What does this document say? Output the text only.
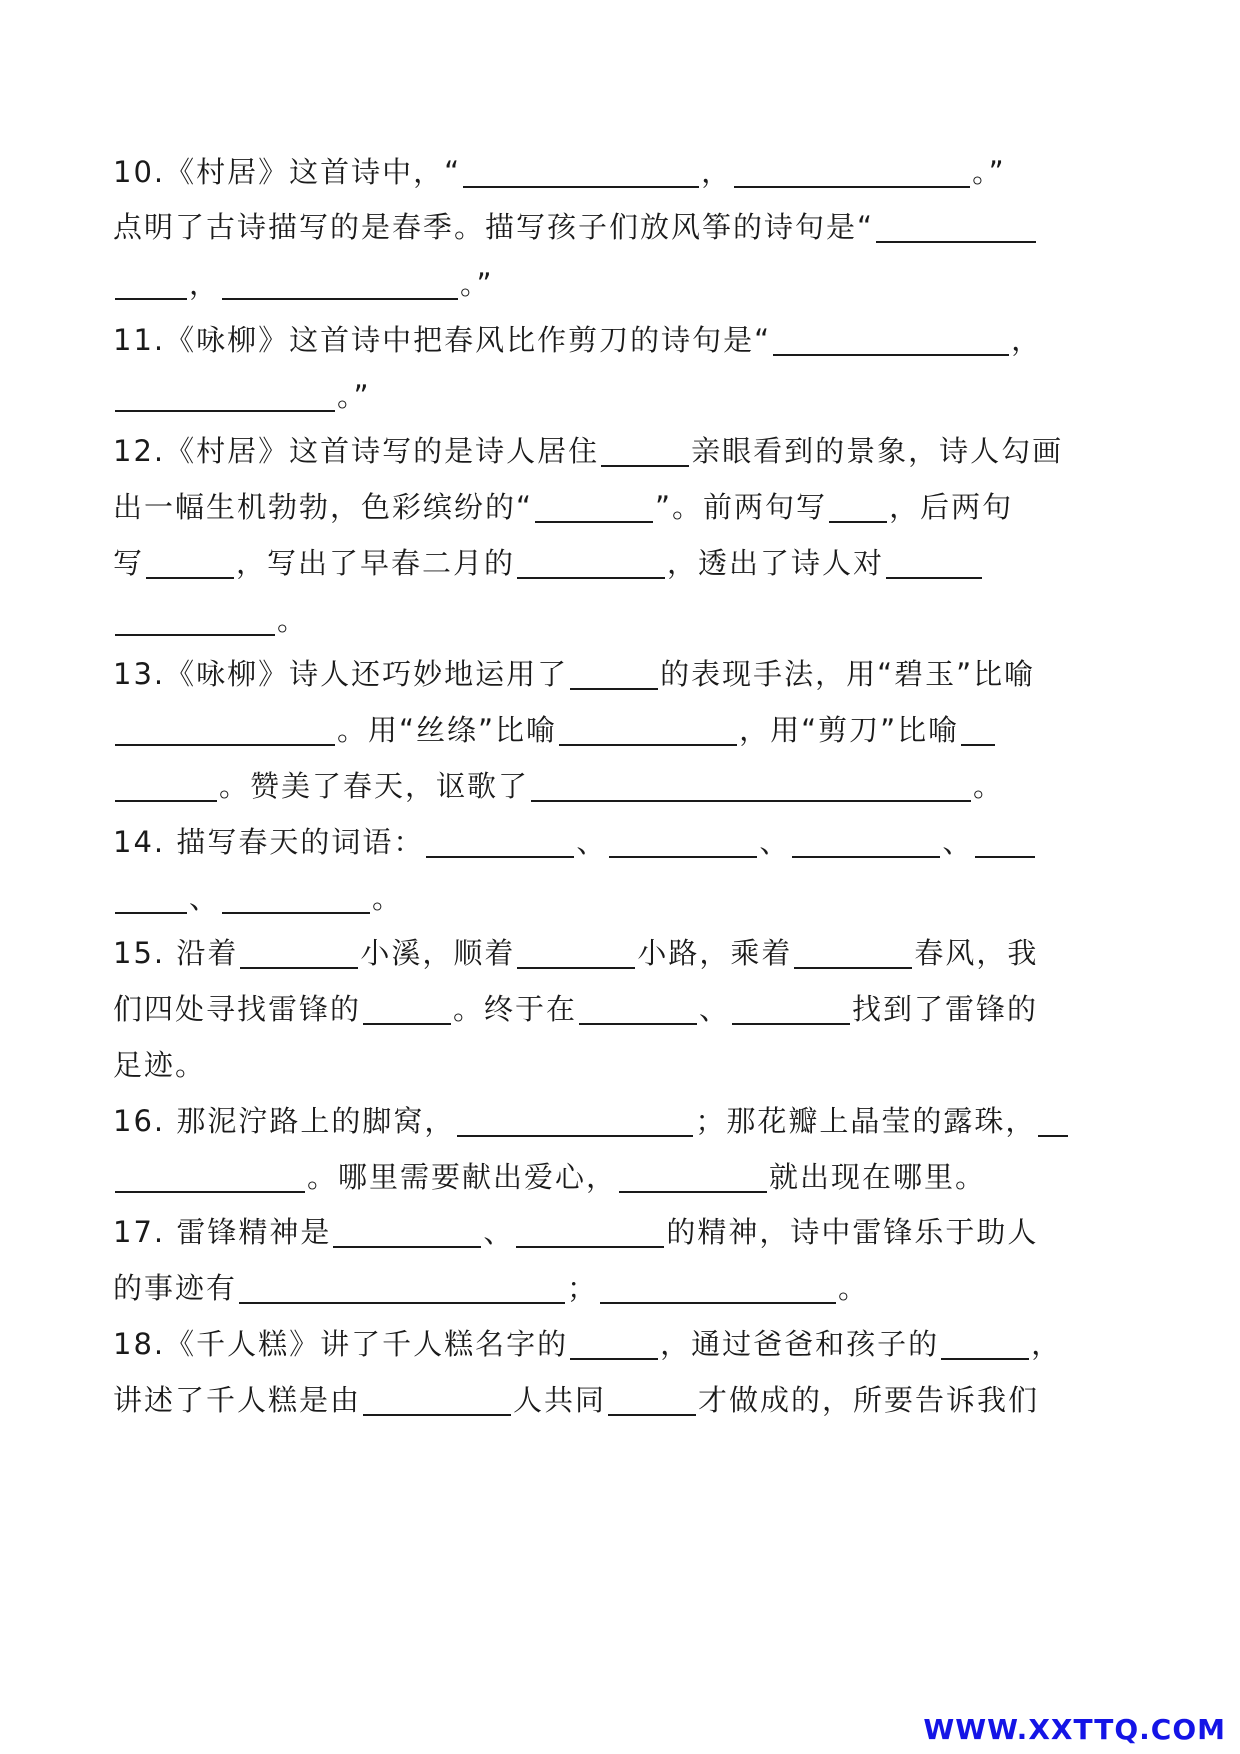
10.《村居》这首诗中，“	，	。”
点明了古诗描写的是春季。描写孩子们放风筝的诗句是“
，	。”
11.《咏柳》这首诗中把春风比作剪刀的诗句是“	，
。”
12.《村居》这首诗写的是诗人居住	亲眼看到的景象，诗人勾画
出一幅生机勃勃，色彩缤纷的“	”。前两句写 ，后两句
写	，写出了早春二月的	，透出了诗人对
。
13.《咏柳》诗人还巧妙地运用了	的表现手法，用“碧玉”比喻
。用“丝绦”比喻	，用“剪刀”比喻
。赞美了春天，讴歌了	。
14. 描写春天的词语：	、	、	、
、	。
15. 沿着	小溪，顺着	小路，乘着	春风，我
们四处寻找雷锋的	。终于在	、	找到了雷锋的
足迹。
16. 那泥泞路上的脚窝，	；那花瓣上晶莹的露珠，
。哪里需要献出爱心，	就出现在哪里。
17. 雷锋精神是	、	的精神，诗中雷锋乐于助人
的事迹有	；	。
18.《千人糕》讲了千人糕名字的	，通过爸爸和孩子的	，
讲述了千人糕是由	人共同	才做成的，所要告诉我们
WWW.XXTTQ.COM
